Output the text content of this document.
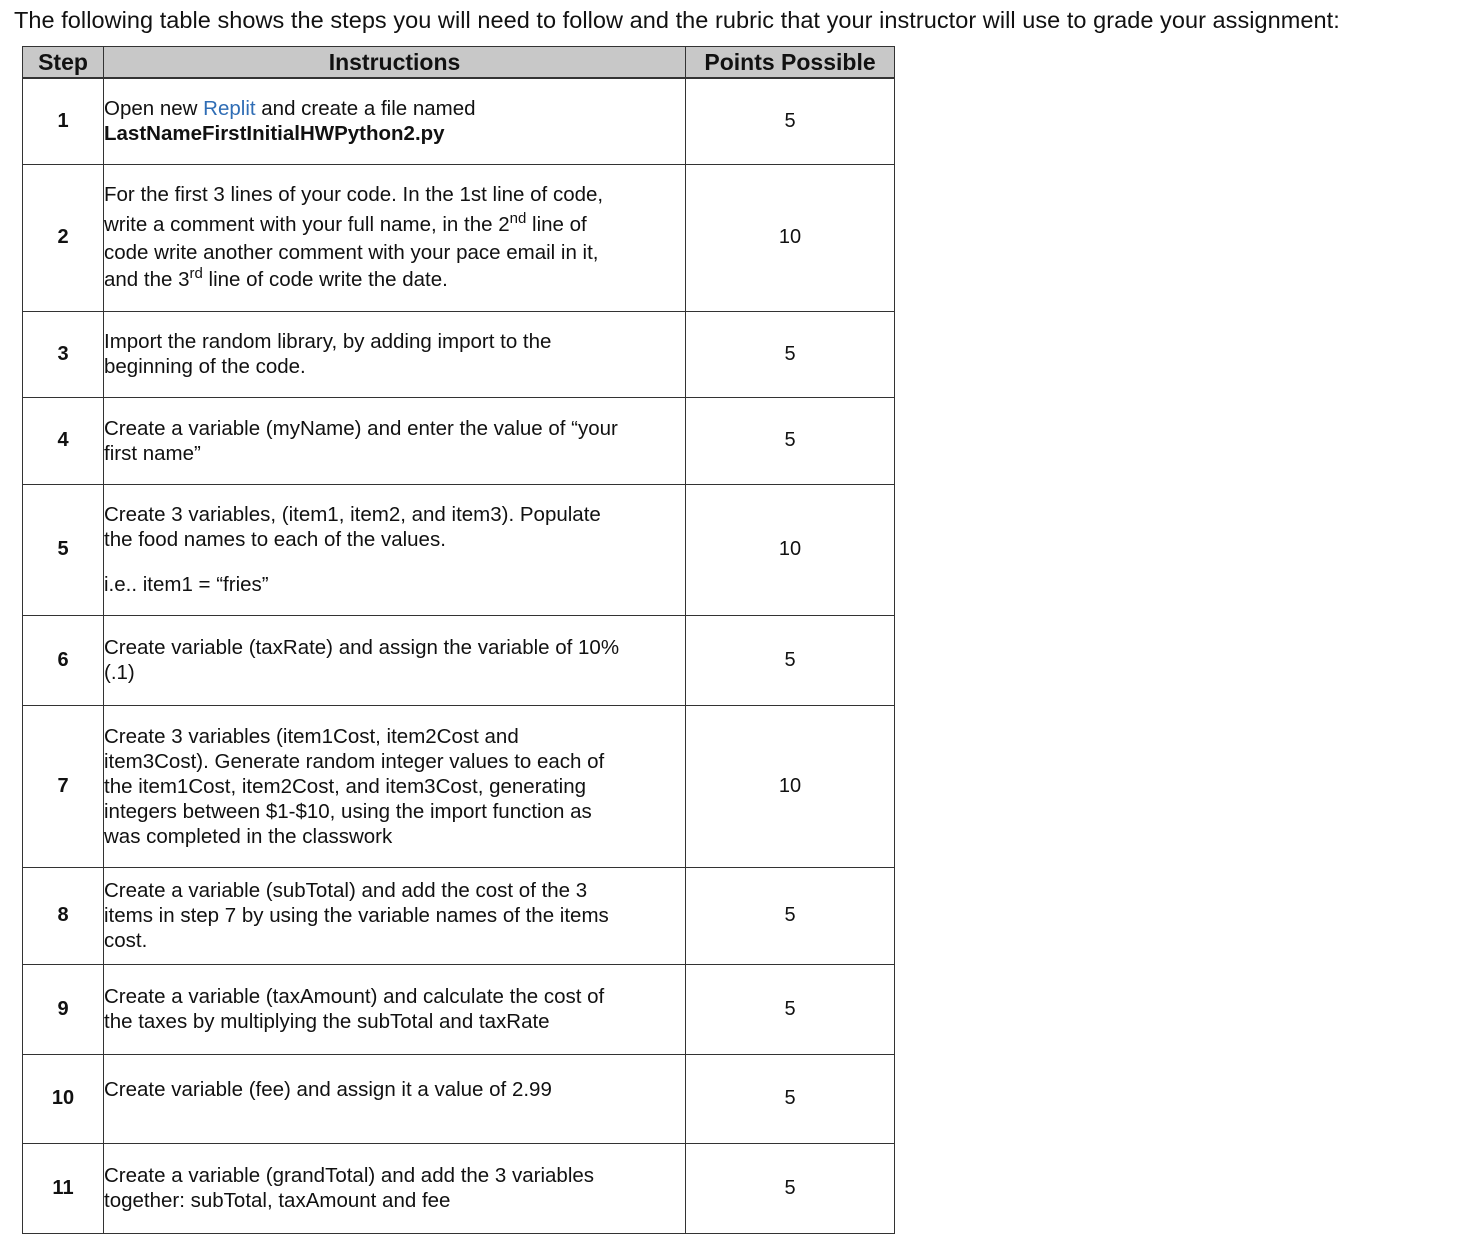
The following table shows the steps you will need to follow and the rubric that your instructor will use to grade your assignment:
Step	Instructions	Points Possible
1	Open new Replit and create a file named
LastNameFirstInitialHWPython2.py	5
2	For the first 3 lines of your code. In the 1st line of code,
write a comment with your full name, in the 2nd line of
code write another comment with your pace email in it,
and the 3rd line of code write the date.	10
3	Import the random library, by adding import to the
beginning of the code.	5
4	Create a variable (myName) and enter the value of “your
first name”	5
5	Create 3 variables, (item1, item2, and item3). Populate
the food names to each of the values.
i.e.. item1 = “fries”	10
6	Create variable (taxRate) and assign the variable of 10%
(.1)	5
7	Create 3 variables (item1Cost, item2Cost and
item3Cost). Generate random integer values to each of
the item1Cost, item2Cost, and item3Cost, generating
integers between $1-$10, using the import function as
was completed in the classwork	10
8	Create a variable (subTotal) and add the cost of the 3
items in step 7 by using the variable names of the items
cost.	5
9	Create a variable (taxAmount) and calculate the cost of
the taxes by multiplying the subTotal and taxRate	5
10	Create variable (fee) and assign it a value of 2.99	5
11	Create a variable (grandTotal) and add the 3 variables
together: subTotal, taxAmount and fee	5
